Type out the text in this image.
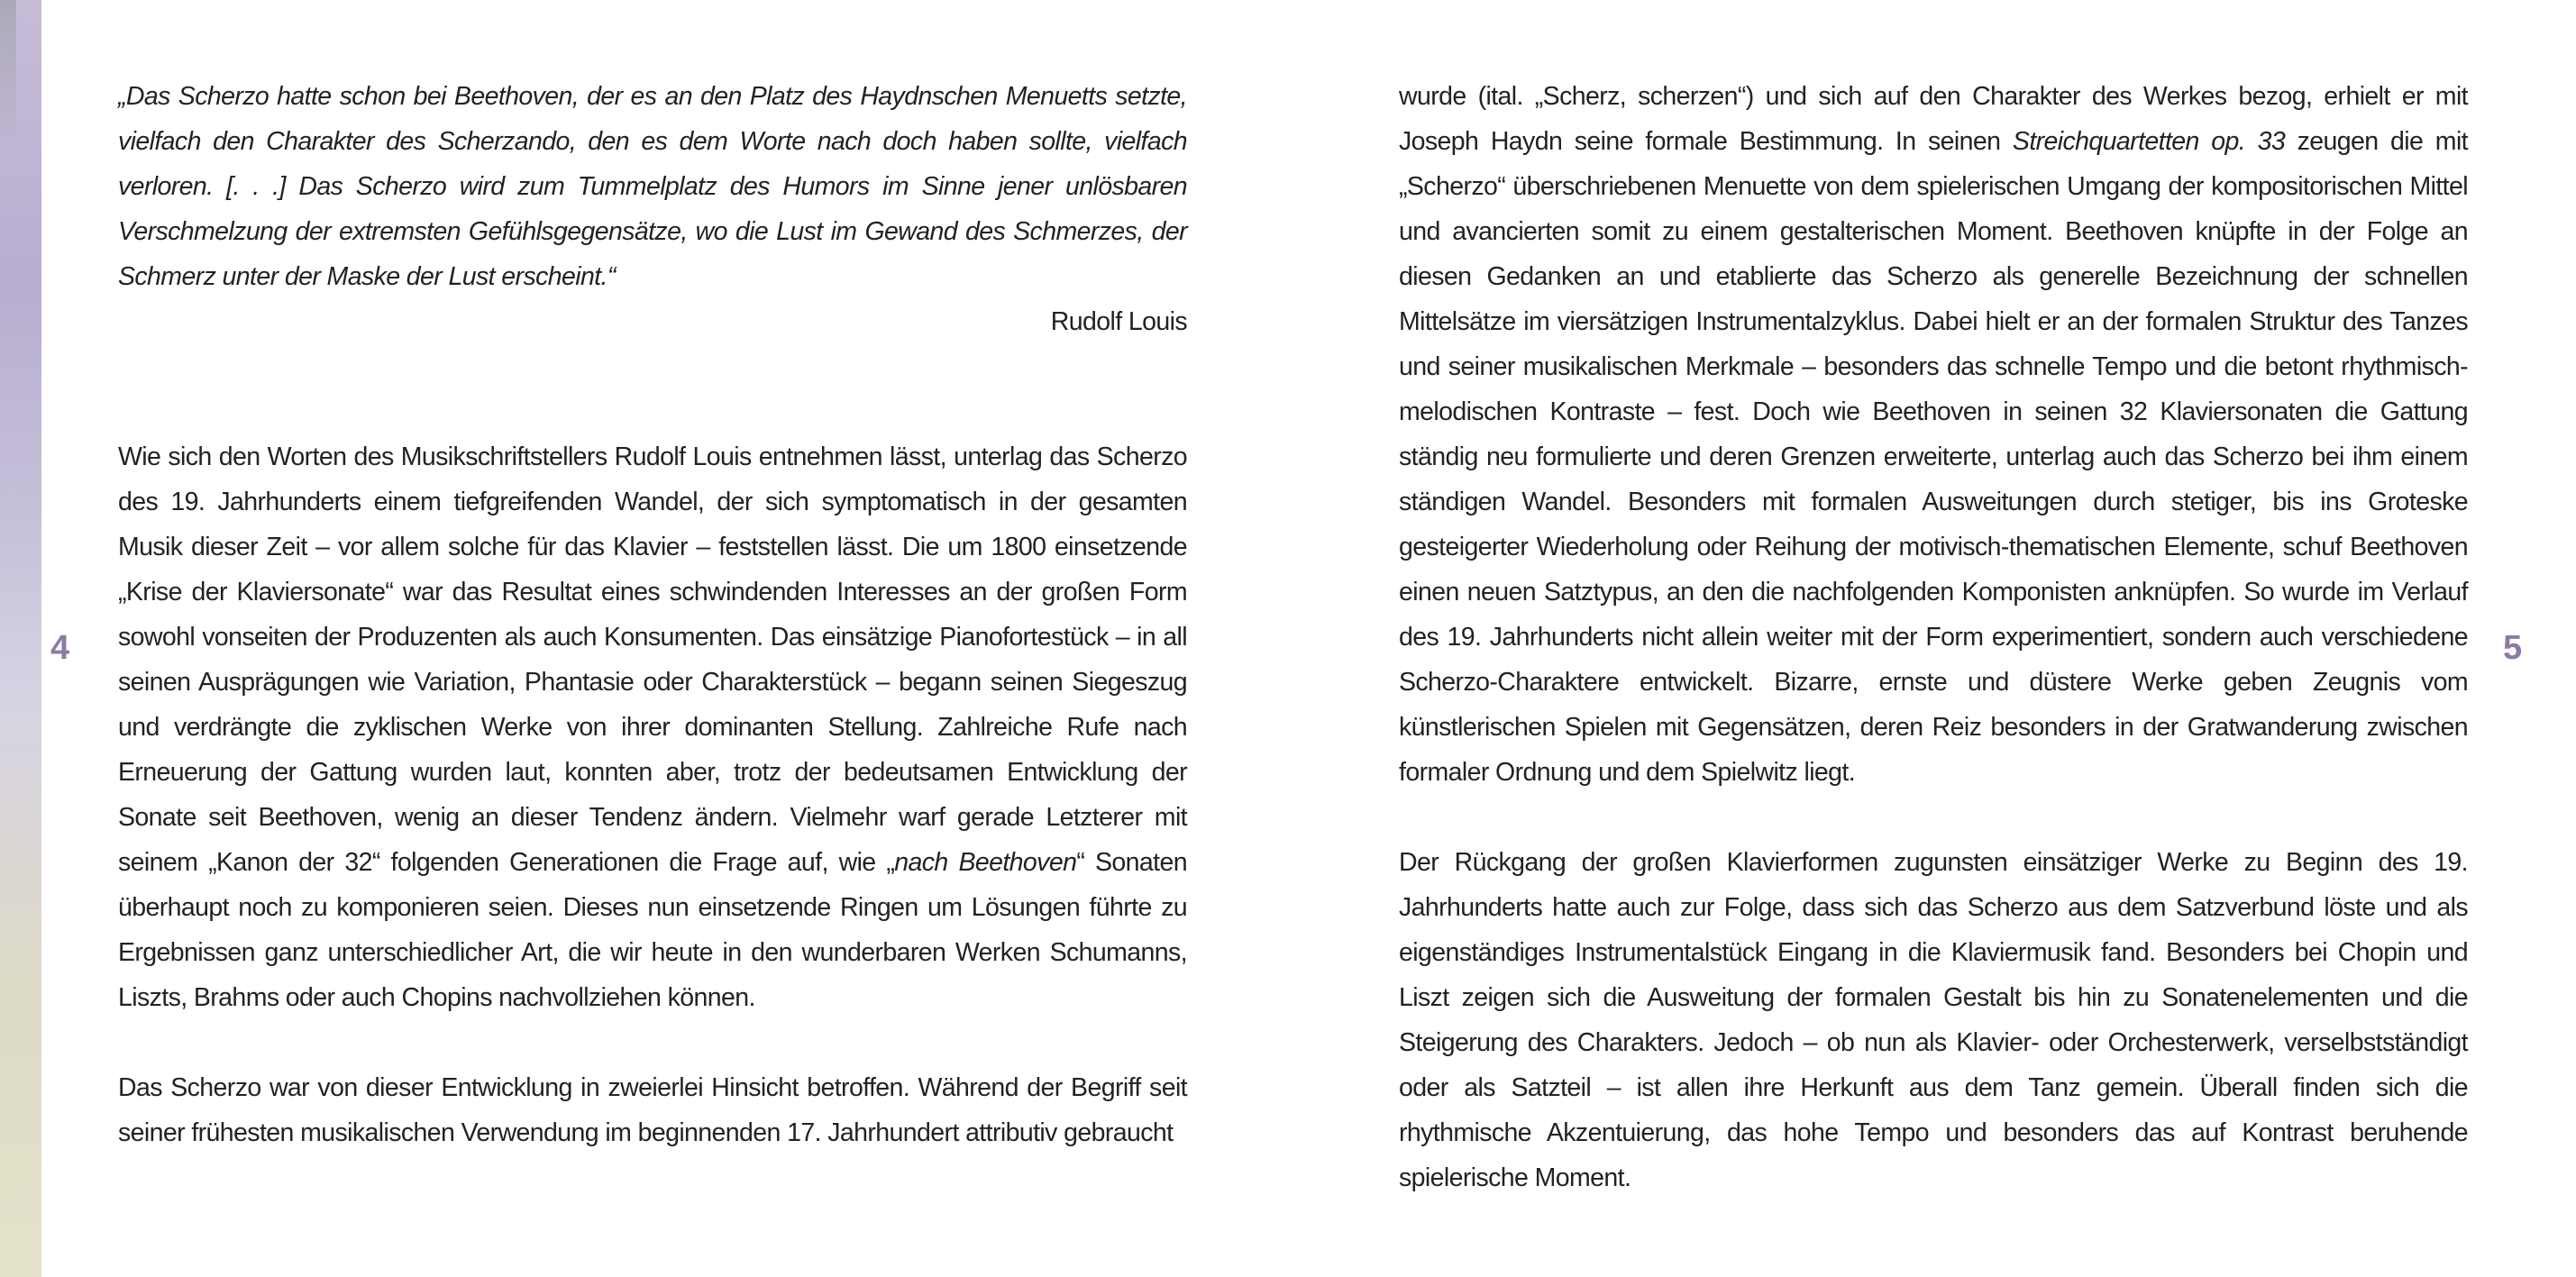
4	5

„Das Scherzo hatte schon bei Beethoven, der es an den Platz des Haydnschen Menuetts setzte, vielfach den Charakter des Scherzando, den es dem Worte nach doch haben sollte, vielfach verloren. [. . .] Das Scherzo wird zum Tummelplatz des Humors im Sinne jener unlösbaren Verschmelzung der extremsten Gefühlsgegensätze, wo die Lust im Gewand des Schmerzes, der Schmerz unter der Maske der Lust erscheint.“

Rudolf Louis

Wie sich den Worten des Musikschriftstellers Rudolf Louis entnehmen lässt, unterlag das Scherzo des 19. Jahrhunderts einem tiefgreifenden Wandel, der sich symptomatisch in der gesamten Musik dieser Zeit – vor allem solche für das Klavier – feststellen lässt. Die um 1800 einsetzende „Krise der Klaviersonate“ war das Resultat eines schwindenden Interesses an der großen Form sowohl vonseiten der Produzenten als auch Konsumenten. Das einsätzige Pianofortestück – in all seinen Ausprägungen wie Variation, Phantasie oder Charakterstück – begann seinen Siegeszug und verdrängte die zyklischen Werke von ihrer dominanten Stellung. Zahlreiche Rufe nach Erneuerung der Gattung wurden laut, konnten aber, trotz der bedeutsamen Entwicklung der Sonate seit Beethoven, wenig an dieser Tendenz ändern. Vielmehr warf gerade Letzterer mit seinem „Kanon der 32“ folgenden Generationen die Frage auf, wie „nach Beethoven“ Sonaten überhaupt noch zu komponieren seien. Dieses nun einsetzende Ringen um Lösungen führte zu Ergebnissen ganz unterschiedlicher Art, die wir heute in den wunderbaren Werken Schumanns, Liszts, Brahms oder auch Chopins nachvollziehen können.

Das Scherzo war von dieser Entwicklung in zweierlei Hinsicht betroffen. Während der Begriff seit seiner frühesten musikalischen Verwendung im beginnenden 17. Jahrhundert attributiv gebraucht

wurde (ital. „Scherz, scherzen“) und sich auf den Charakter des Werkes bezog, erhielt er mit Joseph Haydn seine formale Bestimmung. In seinen Streichquartetten op. 33 zeugen die mit „Scherzo“ überschriebenen Menuette von dem spielerischen Umgang der kompositorischen Mittel und avancierten somit zu einem gestalterischen Moment. Beethoven knüpfte in der Folge an diesen Gedanken an und etablierte das Scherzo als generelle Bezeichnung der schnellen Mittelsätze im viersätzigen Instrumentalzyklus. Dabei hielt er an der formalen Struktur des Tanzes und seiner musikalischen Merkmale – besonders das schnelle Tempo und die betont rhythmisch-melodischen Kontraste – fest. Doch wie Beethoven in seinen 32 Klaviersonaten die Gattung ständig neu formulierte und deren Grenzen erweiterte, unterlag auch das Scherzo bei ihm einem ständigen Wandel. Besonders mit formalen Ausweitungen durch stetiger, bis ins Groteske gesteigerter Wiederholung oder Reihung der motivisch-thematischen Elemente, schuf Beethoven einen neuen Satztypus, an den die nachfolgenden Komponisten anknüpfen. So wurde im Verlauf des 19. Jahrhunderts nicht allein weiter mit der Form experimentiert, sondern auch verschiedene Scherzo-Charaktere entwickelt. Bizarre, ernste und düstere Werke geben Zeugnis vom künstlerischen Spielen mit Gegensätzen, deren Reiz besonders in der Gratwanderung zwischen formaler Ordnung und dem Spielwitz liegt.

Der Rückgang der großen Klavierformen zugunsten einsätziger Werke zu Beginn des 19. Jahrhunderts hatte auch zur Folge, dass sich das Scherzo aus dem Satzverbund löste und als eigenständiges Instrumentalstück Eingang in die Klaviermusik fand. Besonders bei Chopin und Liszt zeigen sich die Ausweitung der formalen Gestalt bis hin zu Sonatenelementen und die Steigerung des Charakters. Jedoch – ob nun als Klavier- oder Orchesterwerk, verselbstständigt oder als Satzteil – ist allen ihre Herkunft aus dem Tanz gemein. Überall finden sich die rhythmische Akzentuierung, das hohe Tempo und besonders das auf Kontrast beruhende spielerische Moment.
